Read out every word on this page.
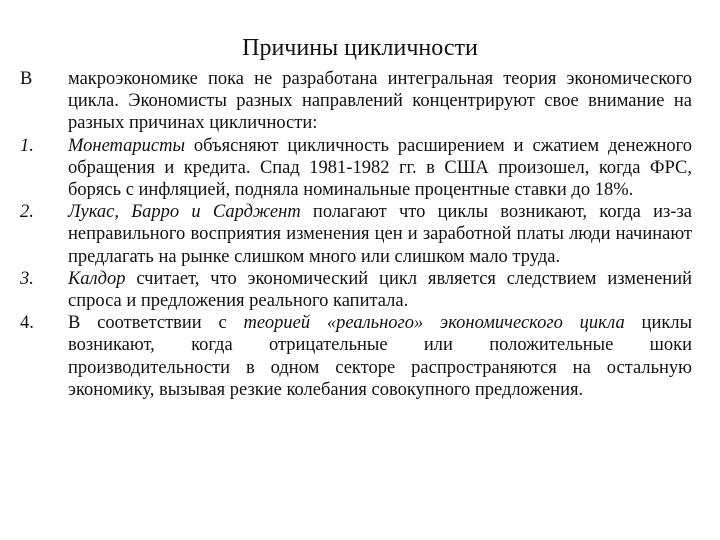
Причины цикличности
В	макроэкономике пока не разработана интегральная теория экономического цикла. Экономисты разных направлений концентрируют свое внимание на разных причинах цикличности:
1.	Монетаристы объясняют цикличность расширением и сжатием денежного обращения и кредита. Спад 1981-1982 гг. в США произошел, когда ФРС, борясь с инфляцией, подняла номинальные процентные ставки до 18%.
2.	Лукас, Барро и Сарджент полагают что циклы возникают, когда из-за неправильного восприятия изменения цен и заработной платы люди начинают предлагать на рынке слишком много или слишком мало труда.
3.	Калдор считает, что экономический цикл является следствием изменений спроса и предложения реального капитала.
4.	В соответствии с теорией «реального» экономического цикла циклы возникают, когда отрицательные или положительные шоки производительности в одном секторе распространяются на остальную экономику, вызывая резкие колебания совокупного предложения.
